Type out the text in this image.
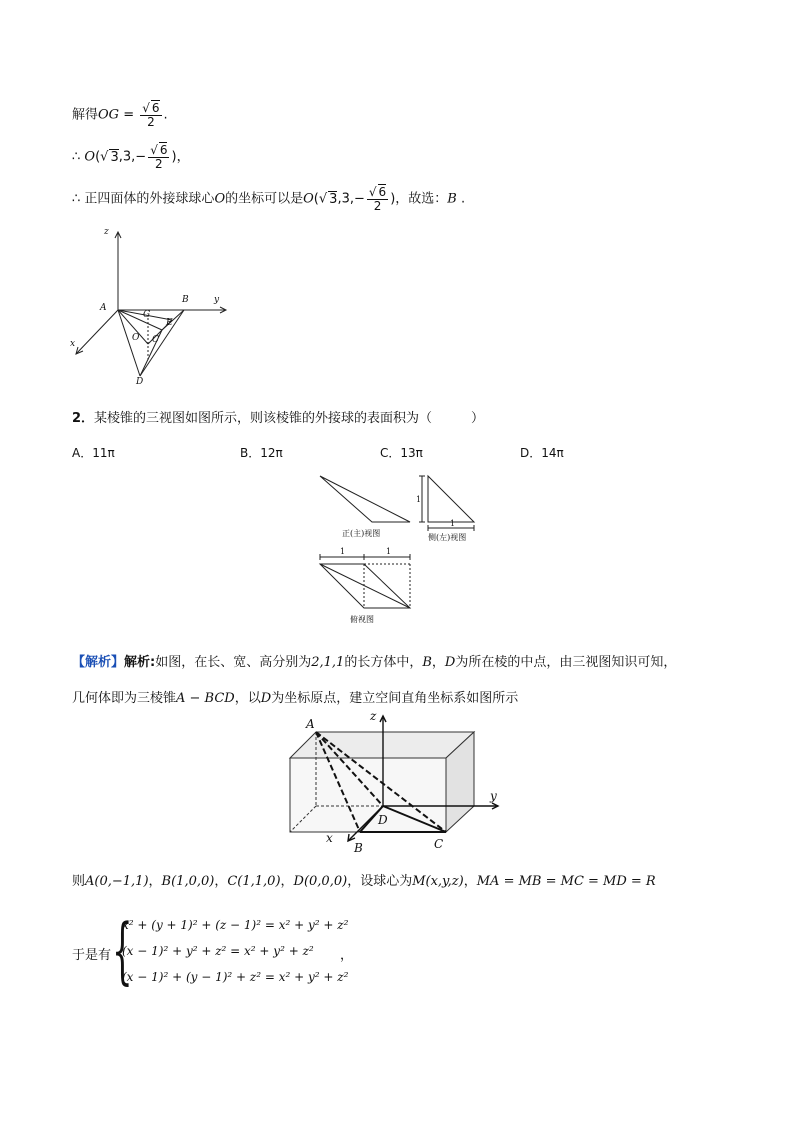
解得OG = $\frac{√ 6}{2}$ .
∴ O(√ $3,3,- \frac{√ 6}{2}$ )，
∴ 正四面体的外接球球心O的坐标可以是O(√ $3,3,- \frac{√ 6}{2}$ )，故选：B .
z
y
x
A
B
G
E
O C
D
2．某棱锥的三视图如图所示，则该棱锥的外接球的表面积为（　　　）
A．11π	B．12π	C．13π	D．14π
正(主)视图	侧(左)视图
俯视图
1
1
1	1
【解析】解析:如图，在长、宽、高分别为2,1,1的长方体中，B，D为所在棱的中点，由三视图知识可知，
几何体即为三棱锥A − BCD，以D为坐标原点，建立空间直角坐标系如图所示
A
z
y
x
B
D
C
则A(0,−1,1)，B(1,0,0)，C(1,1,0)，D(0,0,0)，设球心为M(x,y,z)，MA = MB = MC = MD = R
于是有 {
x² + (y + 1)² + (z − 1)² = x² + y² + z²
(x − 1)² + y² + z² = x² + y² + z² ，
(x − 1)² + (y − 1)² + z² = x² + y² + z²
